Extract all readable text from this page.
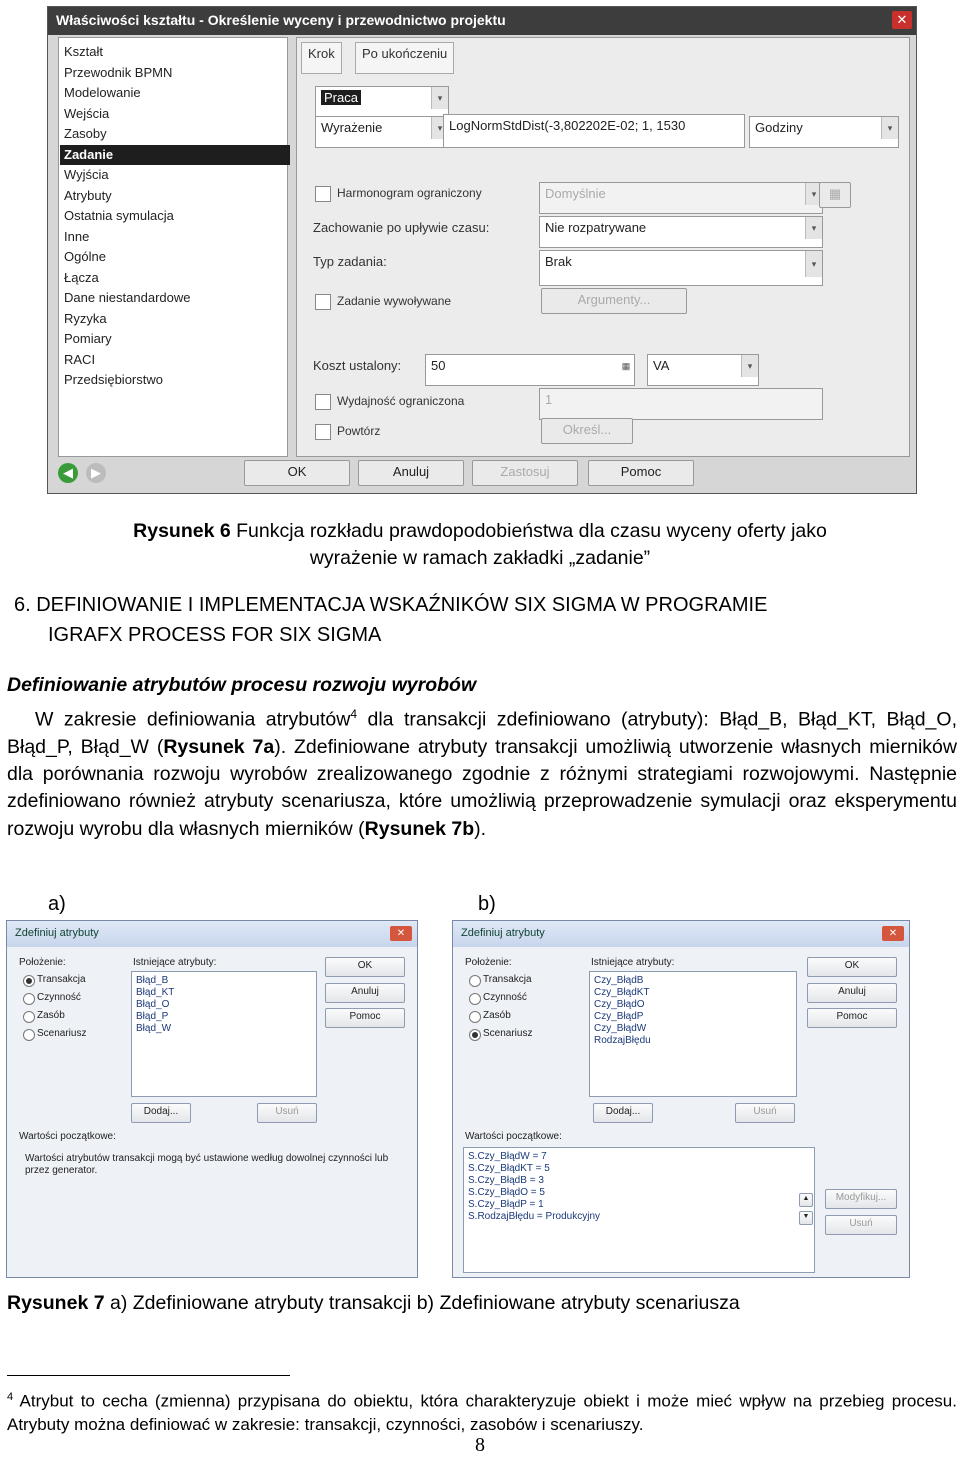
Właściwości kształtu - Określenie wyceny i przewodnictwo projektu	✕
Kształt
Przewodnik BPMN
Modelowanie
Wejścia
Zasoby
Zadanie
Wyjścia
Atrybuty
Ostatnia symulacja
Inne
Ogólne
Łącza
Dane niestandardowe
Ryzyka
Pomiary
RACI
Przedsiębiorstwo
Krok	Po ukończeniu
Praca	▾
Wyrażenie	▾ LogNormStdDist(-3,802202E-02; 1, 1530	Godziny	▾
Harmonogram ograniczony	Domyślnie	▾ ▦
Zachowanie po upływie czasu:	Nie rozpatrywane	▾
Typ zadania:	Brak	▾
Zadanie wywoływane	Argumenty...
Koszt ustalony:	50	▦	VA	▾
Wydajność ograniczona	1
Powtórz	Określ...
◀	▶	OK	Anuluj	Zastosuj	Pomoc
Rysunek 6 Funkcja rozkładu prawdopodobieństwa dla czasu wyceny oferty jako
wyrażenie w ramach zakładki „zadanie”
6. DEFINIOWANIE I IMPLEMENTACJA WSKAŹNIKÓW SIX SIGMA W PROGRAMIE
IGRAFX PROCESS FOR SIX SIGMA
Definiowanie atrybutów procesu rozwoju wyrobów
W zakresie definiowania atrybutów$^4$ dla transakcji zdefiniowano (atrybuty): Błąd_B, Błąd_KT, Błąd_O, Błąd_P, Błąd_W (Rysunek 7a). Zdefiniowane atrybuty transakcji umożliwią utworzenie własnych mierników dla porównania rozwoju wyrobów zrealizowanego zgodnie z różnymi strategiami rozwojowymi. Następnie zdefiniowano również atrybuty scenariusza, które umożliwią przeprowadzenie symulacji oraz eksperymentu rozwoju wyrobu dla własnych mierników (Rysunek 7b).
a)	b)
Zdefiniuj atrybuty	✕
Położenie:
Transakcja
Czynność
Zasób
Scenariusz
Istniejące atrybuty:
Błąd_B
Błąd_KT
Błąd_O
Błąd_P
Błąd_W
OK
Anuluj
Pomoc
Dodaj...	Usuń
Wartości początkowe:
Wartości atrybutów transakcji mogą być ustawione według dowolnej czynności lub przez generator.
Zdefiniuj atrybuty	✕
Położenie:
Transakcja
Czynność
Zasób
Scenariusz
Istniejące atrybuty:
Czy_BłądB
Czy_BłądKT
Czy_BłądO
Czy_BłądP
Czy_BłądW
RodzajBłędu
OK
Anuluj
Pomoc
Dodaj...	Usuń
Wartości początkowe:
S.Czy_BłądW = 7
S.Czy_BłądKT = 5
S.Czy_BłądB = 3
S.Czy_BłądO = 5
S.Czy_BłądP = 1
S.RodzajBłędu = Produkcyjny
▲
▼
Modyfikuj...
Usuń
Rysunek 7 a) Zdefiniowane atrybuty transakcji b) Zdefiniowane atrybuty scenariusza
$^4$ Atrybut to cecha (zmienna) przypisana do obiektu, która charakteryzuje obiekt i może mieć wpływ na przebieg procesu. Atrybuty można definiować w zakresie: transakcji, czynności, zasobów i scenariuszy.
8
